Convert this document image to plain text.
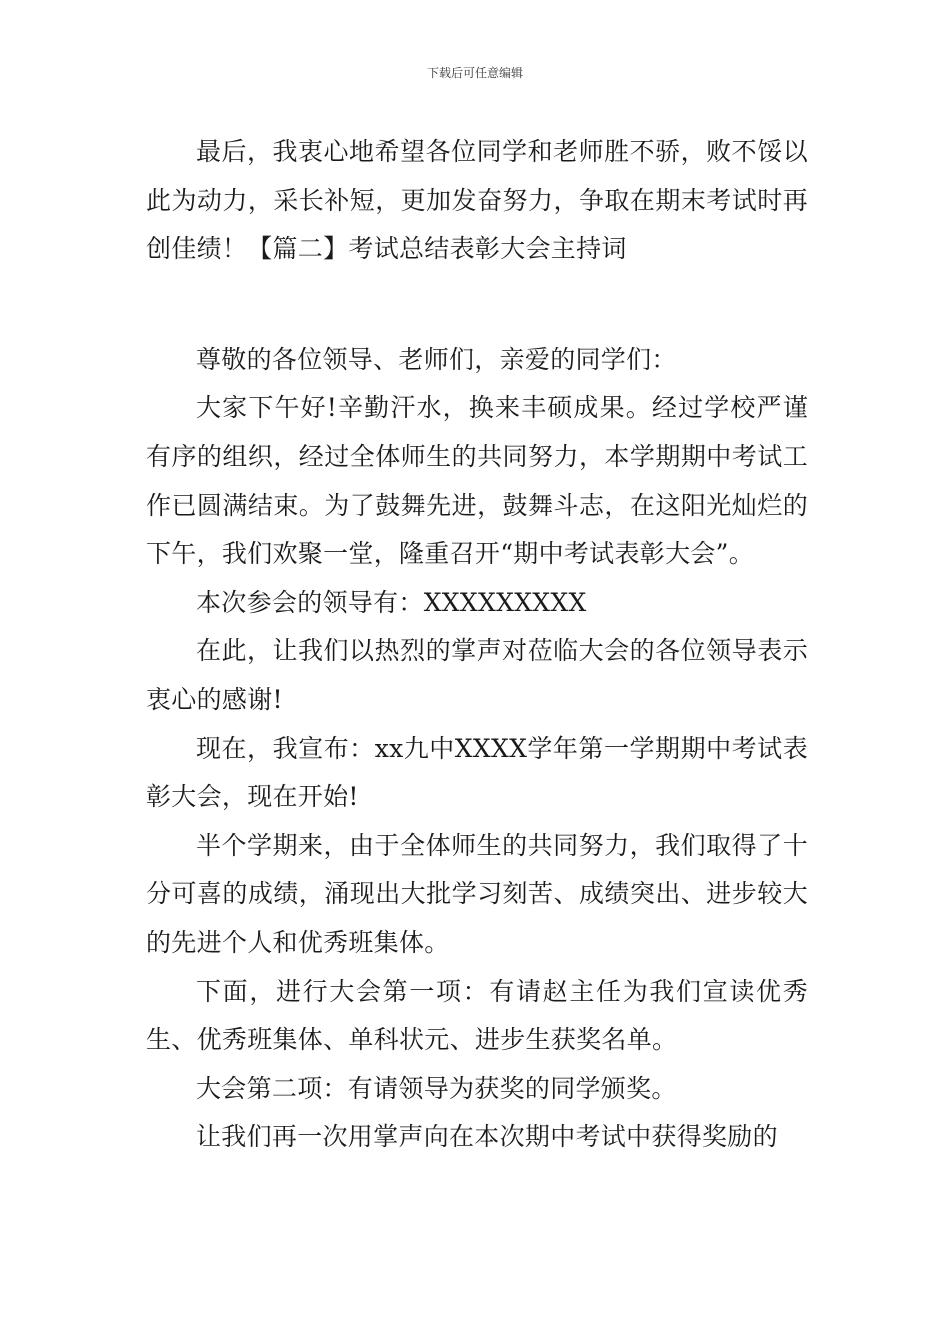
下载后可任意编辑

最后，我衷心地希望各位同学和老师胜不骄，败不馁以此为动力，采长补短，更加发奋努力，争取在期末考试时再创佳绩！【篇二】考试总结表彰大会主持词

尊敬的各位领导、老师们，亲爱的同学们：

大家下午好!辛勤汗水，换来丰硕成果。经过学校严谨有序的组织，经过全体师生的共同努力，本学期期中考试工作已圆满结束。为了鼓舞先进，鼓舞斗志，在这阳光灿烂的下午，我们欢聚一堂，隆重召开“期中考试表彰大会”。

本次参会的领导有：XXXXXXXXX

在此，让我们以热烈的掌声对莅临大会的各位领导表示衷心的感谢!

现在，我宣布：xx九中XXXX学年第一学期期中考试表彰大会，现在开始!

半个学期来，由于全体师生的共同努力，我们取得了十分可喜的成绩，涌现出大批学习刻苦、成绩突出、进步较大的先进个人和优秀班集体。

下面，进行大会第一项：有请赵主任为我们宣读优秀生、优秀班集体、单科状元、进步生获奖名单。

大会第二项：有请领导为获奖的同学颁奖。

让我们再一次用掌声向在本次期中考试中获得奖励的
